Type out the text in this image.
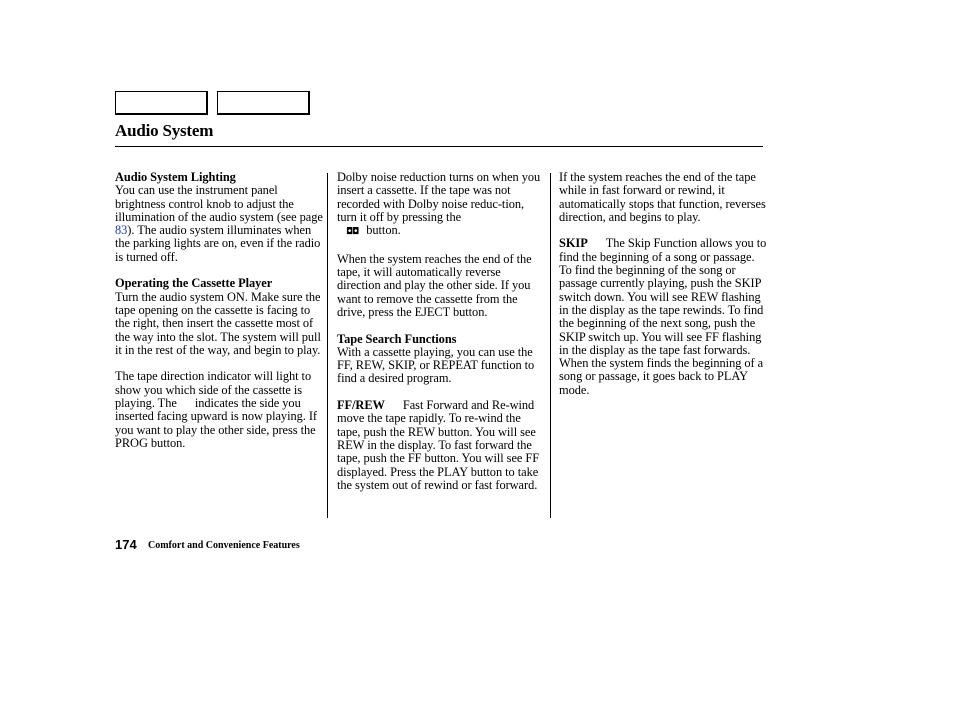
Audio System
Audio System Lighting
You can use the instrument panel brightness control knob to adjust the illumination of the audio system (see page 83). The audio system illuminates when the parking lights are on, even if the radio is turned off.
Operating the Cassette Player
Turn the audio system ON. Make sure the tape opening on the cassette is facing to the right, then insert the cassette most of the way into the slot. The system will pull it in the rest of the way, and begin to play.
The tape direction indicator will light to show you which side of the cassette is playing. The indicates the side you inserted facing upward is now playing. If you want to play the other side, press the PROG button.
Dolby noise reduction turns on when you insert a cassette. If the tape was not recorded with Dolby noise reduc-tion, turn it off by pressing the
◘◘ button.
When the system reaches the end of the tape, it will automatically reverse direction and play the other side. If you want to remove the cassette from the drive, press the EJECT button.
Tape Search Functions
With a cassette playing, you can use the FF, REW, SKIP, or REPEAT function to find a desired program.
FF/REW Fast Forward and Re-wind move the tape rapidly. To re-wind the tape, push the REW button. You will see REW in the display. To fast forward the tape, push the FF button. You will see FF displayed. Press the PLAY button to take the system out of rewind or fast forward.
If the system reaches the end of the tape while in fast forward or rewind, it automatically stops that function, reverses direction, and begins to play.
SKIP The Skip Function allows you to find the beginning of a song or passage. To find the beginning of the song or passage currently playing, push the SKIP switch down. You will see REW flashing in the display as the tape rewinds. To find the beginning of the next song, push the SKIP switch up. You will see FF flashing in the display as the tape fast forwards. When the system finds the beginning of a song or passage, it goes back to PLAY mode.
174 Comfort and Convenience Features
